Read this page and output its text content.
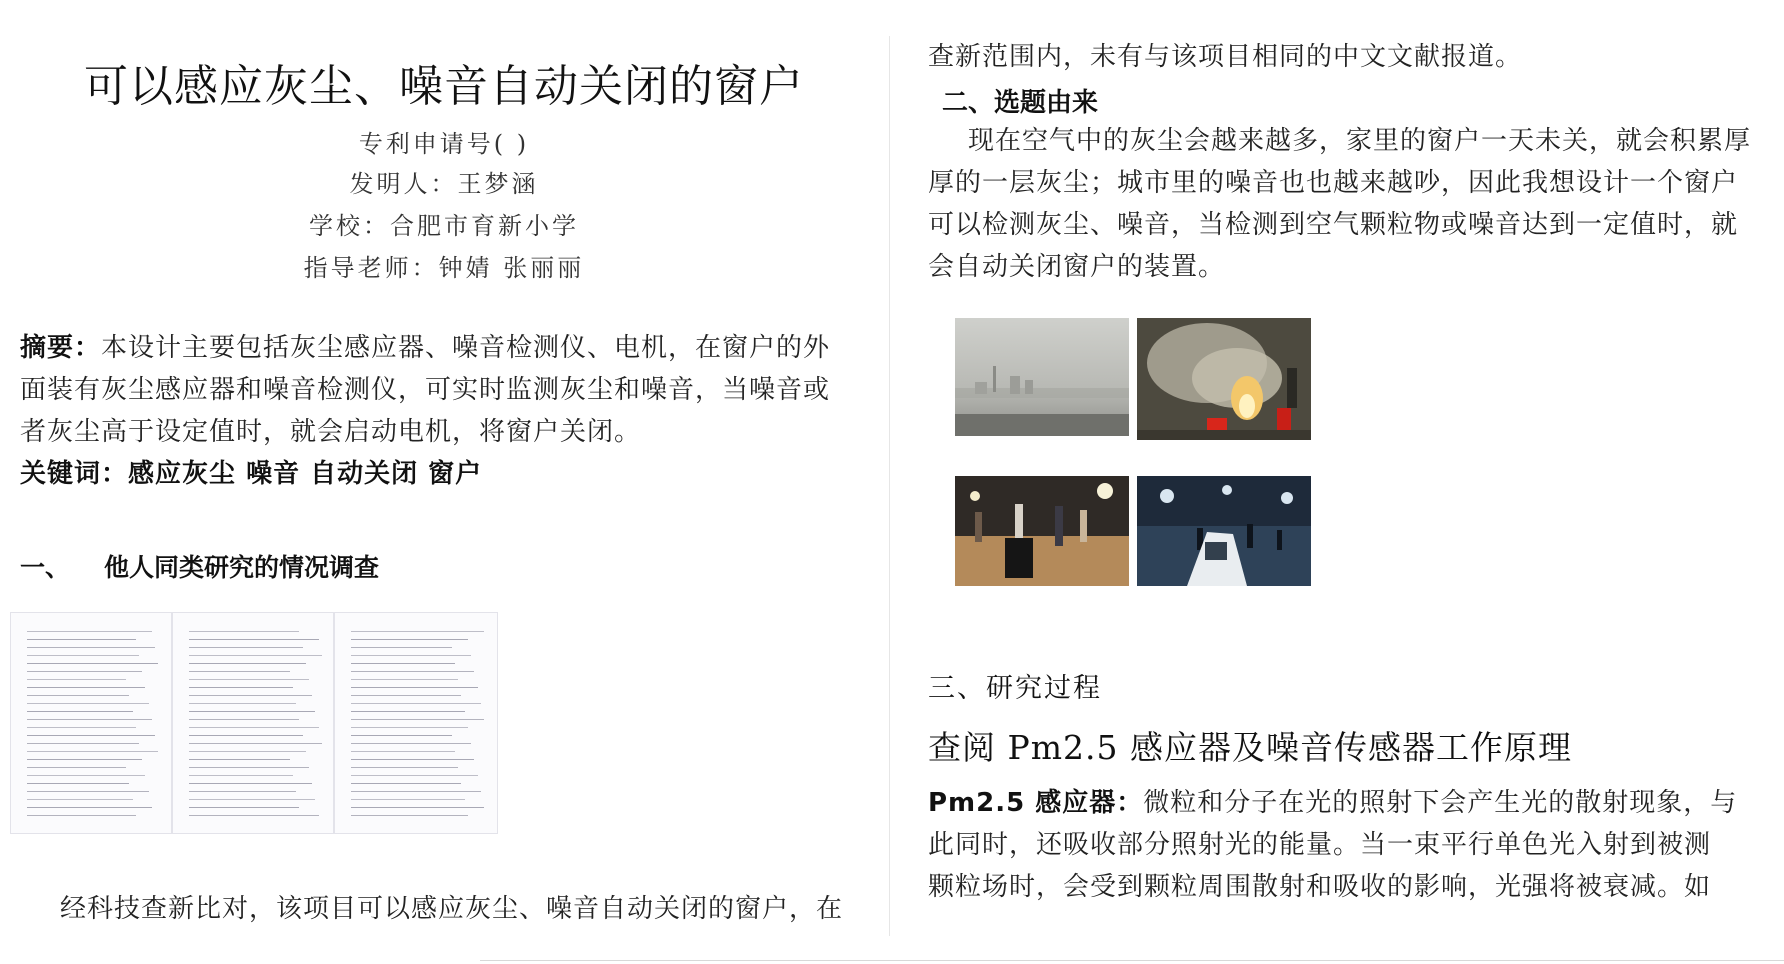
可以感应灰尘、噪音自动关闭的窗户
专利申请号( )
发明人：王梦涵
学校：合肥市育新小学
指导老师：钟婧 张丽丽
摘要：本设计主要包括灰尘感应器、噪音检测仪、电机，在窗户的外
面装有灰尘感应器和噪音检测仪，可实时监测灰尘和噪音，当噪音或
者灰尘高于设定值时，就会启动电机，将窗户关闭。
关键词：感应灰尘 噪音 自动关闭 窗户
一、 他人同类研究的情况调查
经科技查新比对，该项目可以感应灰尘、噪音自动关闭的窗户，在
查新范围内，未有与该项目相同的中文文献报道。
二、选题由来
现在空气中的灰尘会越来越多，家里的窗户一天未关，就会积累厚
厚的一层灰尘；城市里的噪音也也越来越吵，因此我想设计一个窗户
可以检测灰尘、噪音，当检测到空气颗粒物或噪音达到一定值时，就
会自动关闭窗户的装置。
三、研究过程
查阅 Pm2.5 感应器及噪音传感器工作原理
Pm2.5 感应器：微粒和分子在光的照射下会产生光的散射现象，与
此同时，还吸收部分照射光的能量。当一束平行单色光入射到被测
颗粒场时，会受到颗粒周围散射和吸收的影响，光强将被衰减。如
